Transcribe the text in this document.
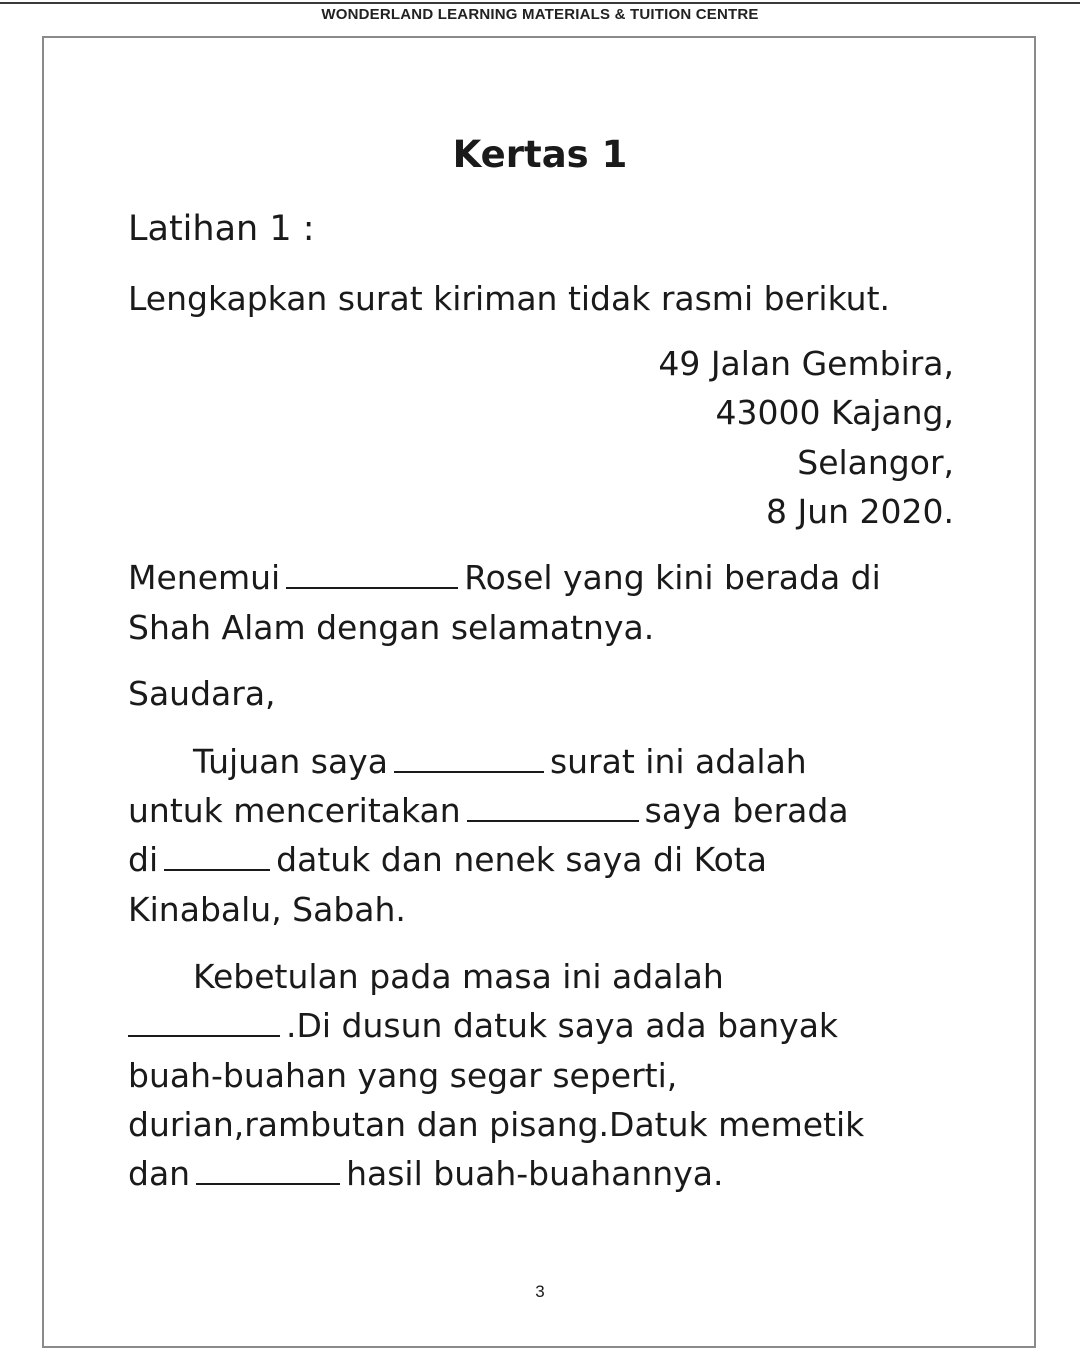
WONDERLAND LEARNING MATERIALS & TUITION CENTRE
Kertas 1
Latihan 1 :
Lengkapkan surat kiriman tidak rasmi berikut.
49 Jalan Gembira,
43000 Kajang,
Selangor,
8 Jun 2020.
Menemui	Rosel yang kini berada di
Shah Alam dengan selamatnya.
Saudara,
Tujuan saya	surat ini adalah
untuk menceritakan	saya berada
di	datuk dan nenek saya di Kota
Kinabalu, Sabah.
Kebetulan pada masa ini adalah
.Di dusun datuk saya ada banyak
buah-buahan yang segar seperti,
durian,rambutan dan pisang.Datuk memetik
dan	hasil buah-buahannya.
3
